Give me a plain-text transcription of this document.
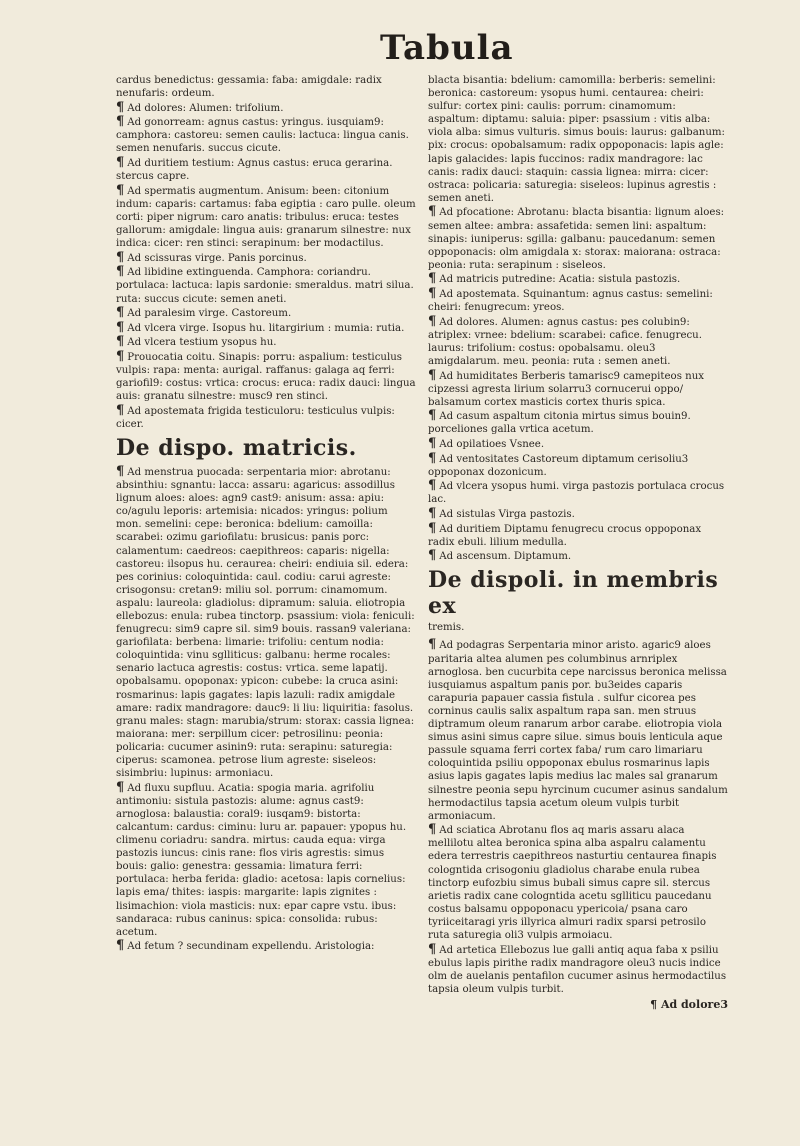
Tabula
cardus benedictus: gessamia: faba: amigdale: radix nenufaris: ordeum.
¶ Ad dolores: Alumen: trifolium.
¶ Ad gonorream: agnus castus: yringus. iusquiam9: camphora: castoreu: semen caulis: lactuca: lingua canis. semen nenufaris. succus cicute.
¶ Ad duritiem testium: Agnus castus: eruca gerarina. stercus capre.
¶ Ad spermatis augmentum. Anisum: been: citonium indum: caparis: cartamus: faba egiptia : caro pulle. oleum corti: piper nigrum: caro anatis: tribulus: eruca: testes gallorum: amigdale: lingua auis: granarum silnestre: nux indica: cicer: ren stinci: serapinum: ber modactilus.
¶ Ad scissuras virge. Panis porcinus.
¶ Ad libidine extinguenda. Camphora: coriandru. portulaca: lactuca: lapis sardonie: smeraldus. matri silua. ruta: succus cicute: semen aneti.
¶ Ad paralesim virge. Castoreum.
¶ Ad vlcera virge. Isopus hu. litargirium : mumia: rutia.
¶ Ad vlcera testium ysopus hu.
¶ Prouocatia coitu. Sinapis: porru: aspalium: testiculus vulpis: rapa: menta: aurigal. raffanus: galaga aq ferri: gariofil9: costus: vrtica: crocus: eruca: radix dauci: lingua auis: granatu silnestre: musc9 ren stinci.
¶ Ad apostemata frigida testiculoru: testiculus vulpis: cicer.
De dispo. matricis.
¶ Ad menstrua puocada: serpentaria mior: abrotanu: absinthiu: sgnantu: lacca: assaru: agaricus: assodillus lignum aloes: aloes: agn9 cast9: anisum: assa: apiu: co/agulu leporis: artemisia: nicados: yringus: polium mon. semelini: cepe: beronica: bdelium: camoilla: scarabei: ozimu gariofilatu: brusicus: panis porc: calamentum: caedreos: caepithreos: caparis: nigella: castoreu: ilsopus hu. ceraurea: cheiri: endiuia sil. edera: pes corinius: coloquintida: caul. codiu: carui agreste: crisogonsu: cretan9: miliu sol. porrum: cinamomum. aspalu: laureola: gladiolus: dipramum: saluia. eliotropia ellebozus: enula: rubea tinctorp. psassium: viola: feniculi: fenugrecu: sim9 capre sil. sim9 bouis. rassan9 valeriana: gariofilata: berbena: limarie: trifoliu: centum nodia: coloquintida: vinu sglliticus: galbanu: herme rocales: senario lactuca agrestis: costus: vrtica. seme lapatij. opobalsamu. opoponax: ypicon: cubebe: la cruca asini: rosmarinus: lapis gagates: lapis lazuli: radix amigdale amare: radix mandragore: dauc9: li liu: liquiritia: fasolus. granu males: stagn: marubia/strum: storax: cassia lignea: maiorana: mer: serpillum cicer: petrosilinu: peonia: policaria: cucumer asinin9: ruta: serapinu: saturegia: ciperus: scamonea. petrose lium agreste: siseleos: sisimbriu: lupinus: armoniacu.
¶ Ad fluxu supfluu. Acatia: spogia maria. agrifoliu antimoniu: sistula pastozis: alume: agnus cast9: arnoglosa: balaustia: coral9: iusqam9: bistorta: calcantum: cardus: ciminu: luru ar. papauer: ypopus hu. climenu coriadru: sandra. mirtus: cauda equa: virga pastozis iuncus: cinis rane: flos viris agrestis: simus bouis: galio: genestra: gessamia: limatura ferri: portulaca: herba ferida: gladio: acetosa: lapis cornelius: lapis ema/ thites: iaspis: margarite: lapis zignites : lisimachion: viola masticis: nux: epar capre vstu. ibus: sandaraca: rubus caninus: spica: consolida: rubus: acetum.
¶ Ad fetum ? secundinam expellendu. Aristologia:
blacta bisantia: bdelium: camomilla: berberis: semelini: beronica: castoreum: ysopus humi. centaurea: cheiri: sulfur: cortex pini: caulis: porrum: cinamomum: aspaltum: diptamu: saluia: piper: psassium : vitis alba: viola alba: simus vulturis. simus bouis: laurus: galbanum: pix: crocus: opobalsamum: radix oppoponacis: lapis agle: lapis galacides: lapis fuccinos: radix mandragore: lac canis: radix dauci: staquin: cassia lignea: mirra: cicer: ostraca: policaria: saturegia: siseleos: lupinus agrestis : semen aneti.
¶ Ad pfocatione: Abrotanu: blacta bisantia: lignum aloes: semen altee: ambra: assafetida: semen lini: aspaltum: sinapis: iuniperus: sgilla: galbanu: paucedanum: semen oppoponacis: olm amigdala x: storax: maiorana: ostraca: peonia: ruta: serapinum : siseleos.
¶ Ad matricis putredine: Acatia: sistula pastozis.
¶ Ad apostemata. Squinantum: agnus castus: semelini: cheiri: fenugrecum: yreos.
¶ Ad dolores. Alumen: agnus castus: pes colubin9: atriplex: vrnee: bdelium: scarabei: cafice. fenugrecu. laurus: trifolium: costus: opobalsamu. oleu3 amigdalarum. meu. peonia: ruta : semen aneti.
¶ Ad humiditates Berberis tamarisc9 camepiteos nux cipzessi agresta lirium solarru3 cornucerui oppo/ balsamum cortex masticis cortex thuris spica.
¶ Ad casum aspaltum citonia mirtus simus bouin9. porceliones galla vrtica acetum.
¶ Ad opilatioes Vsnee.
¶ Ad ventositates Castoreum diptamum cerisoliu3 oppoponax dozonicum.
¶ Ad vlcera ysopus humi. virga pastozis portulaca crocus lac.
¶ Ad sistulas Virga pastozis.
¶ Ad duritiem Diptamu fenugrecu crocus oppoponax radix ebuli. lilium medulla.
¶ Ad ascensum. Diptamum.
De dispoli. in membris ex
tremis.
¶ Ad podagras Serpentaria minor aristo. agaric9 aloes paritaria altea alumen pes columbinus arnriplex arnoglosa. ben cucurbita cepe narcissus beronica melissa iusquiamus aspaltum panis por. bu3eides caparis carapuria papauer cassia fistula . sulfur cicorea pes corninus caulis salix aspaltum rapa san. men struus diptramum oleum ranarum arbor carabe. eliotropia viola simus asini simus capre silue. simus bouis lenticula aque passule squama ferri cortex faba/ rum caro limariaru coloquintida psiliu oppoponax ebulus rosmarinus lapis asius lapis gagates lapis medius lac males sal granarum silnestre peonia sepu hyrcinum cucumer asinus sandalum hermodactilus tapsia acetum oleum vulpis turbit armoniacum.
¶ Ad sciatica Abrotanu flos aq maris assaru alaca mellilotu altea beronica spina alba aspalru calamentu edera terrestris caepithreos nasturtiu centaurea finapis cologntida crisogoniu gladiolus charabe enula rubea tinctorp eufozbiu simus bubali simus capre sil. stercus arietis radix cane cologntida acetu sglliticu paucedanu costus balsamu oppoponacu ypericoia/ psana caro tyriiceitaragi yris illyrica almuri radix sparsi petrosilo ruta saturegia oli3 vulpis armoiacu.
¶ Ad artetica Ellebozus lue galli antiq aqua faba x psiliu ebulus lapis pirithe radix mandragore oleu3 nucis indice olm de auelanis pentafilon cucumer asinus hermodactilus tapsia oleum vulpis turbit.
¶ Ad dolore3
